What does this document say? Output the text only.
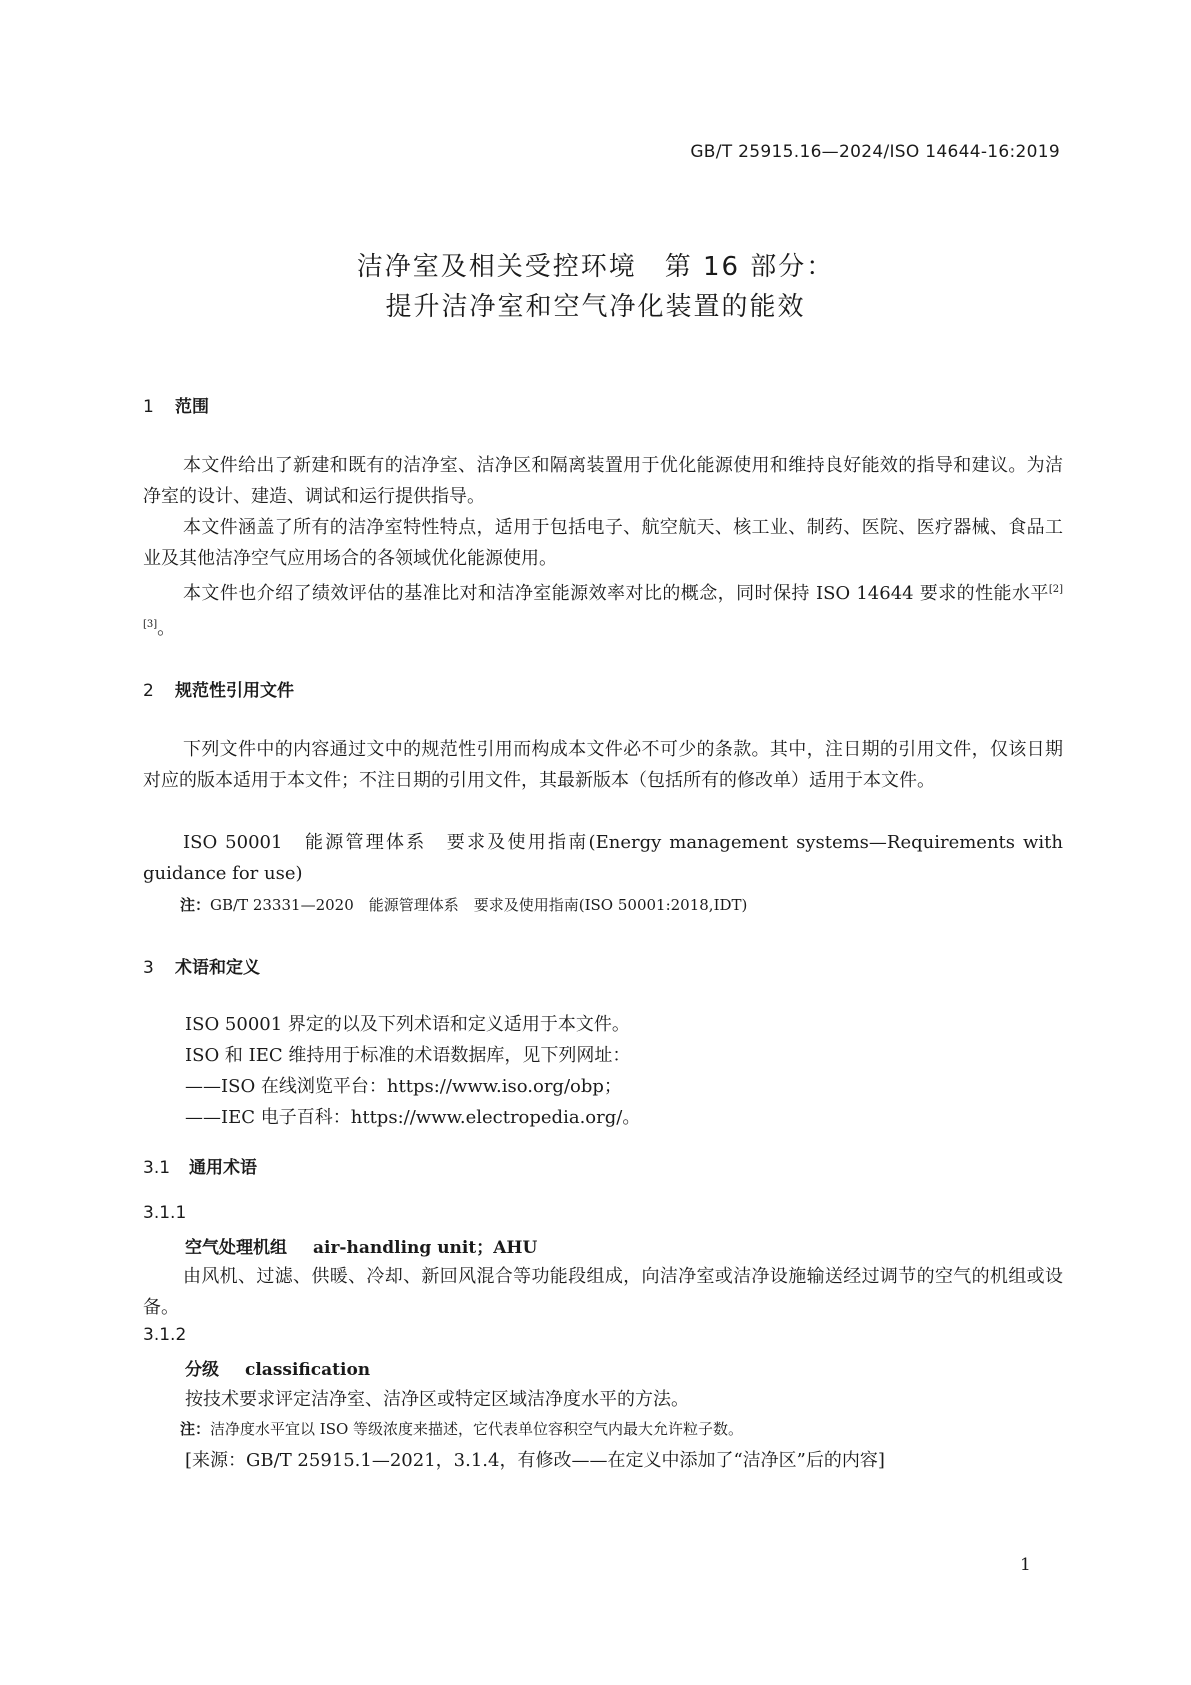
GB/T 25915.16—2024/ISO 14644-16:2019
洁净室及相关受控环境　第 16 部分：
提升洁净室和空气净化装置的能效
1 范围
本文件给出了新建和既有的洁净室、洁净区和隔离装置用于优化能源使用和维持良好能效的指导和建议。为洁净室的设计、建造、调试和运行提供指导。
本文件涵盖了所有的洁净室特性特点，适用于包括电子、航空航天、核工业、制药、医院、医疗器械、食品工业及其他洁净空气应用场合的各领域优化能源使用。
本文件也介绍了绩效评估的基准比对和洁净室能源效率对比的概念，同时保持 ISO 14644 要求的性能水平[2][3]。
2 规范性引用文件
下列文件中的内容通过文中的规范性引用而构成本文件必不可少的条款。其中，注日期的引用文件，仅该日期对应的版本适用于本文件；不注日期的引用文件，其最新版本（包括所有的修改单）适用于本文件。
ISO 50001　能源管理体系　要求及使用指南(Energy management systems—Requirements with guidance for use)
注：GB/T 23331—2020　能源管理体系　要求及使用指南(ISO 50001:2018,IDT)
3 术语和定义
ISO 50001 界定的以及下列术语和定义适用于本文件。
ISO 和 IEC 维持用于标准的术语数据库，见下列网址：
——ISO 在线浏览平台：https://www.iso.org/obp；
——IEC 电子百科：https://www.electropedia.org/。
3.1 通用术语
3.1.1
空气处理机组 air-handling unit；AHU
由风机、过滤、供暖、冷却、新回风混合等功能段组成，向洁净室或洁净设施输送经过调节的空气的机组或设备。
3.1.2
分级 classification
按技术要求评定洁净室、洁净区或特定区域洁净度水平的方法。
注：洁净度水平宜以 ISO 等级浓度来描述，它代表单位容积空气内最大允许粒子数。
[来源：GB/T 25915.1—2021，3.1.4，有修改——在定义中添加了“洁净区”后的内容]
1
